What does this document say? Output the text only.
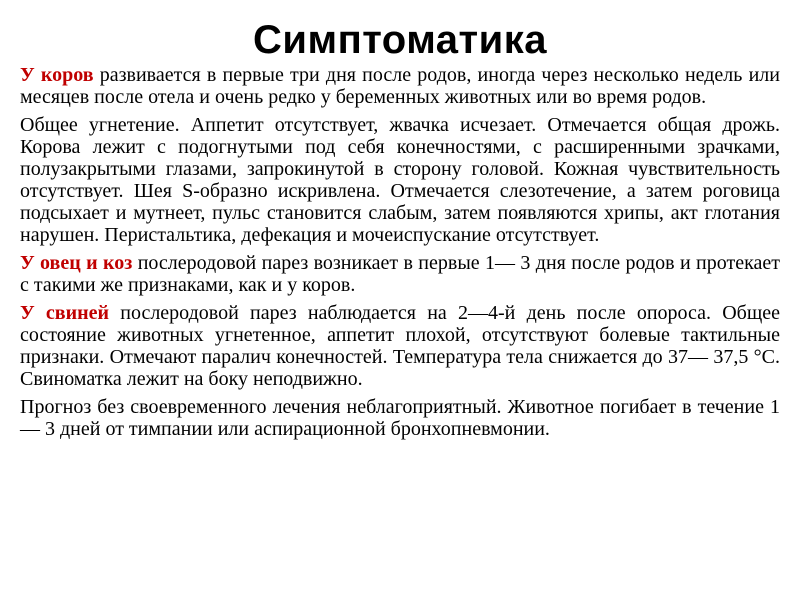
Симптоматика

У коров развивается в первые три дня после родов, иногда через несколько недель или месяцев после отела и очень редко у беременных животных или во время родов.

Общее угнетение. Аппетит отсутствует, жвачка исчезает. Отмечается общая дрожь. Корова лежит с подогнутыми под себя конечностями, с расширенными зрачками, полузакрытыми глазами, запрокинутой в сторону головой. Кожная чувствительность отсутствует. Шея S-образно искривлена. Отмечается слезотечение, а затем роговица подсыхает и мутнеет, пульс становится слабым, затем появляются хрипы, акт глотания нарушен. Перистальтика, дефекация и мочеиспускание отсутствует.

У овец и коз послеродовой парез возникает в первые 1— 3 дня после родов и протекает с такими же признаками, как и у коров.

У свиней послеродовой парез наблюдается на 2—4-й день после опороса. Общее состояние животных угнетенное, аппетит плохой, отсутствуют болевые тактильные признаки. Отмечают паралич конечностей. Температура тела снижается до 37— 37,5 °С. Свиноматка лежит на боку неподвижно.

Прогноз без своевременного лечения неблагоприятный. Животное погибает в течение 1— 3 дней от тимпании или аспирационной бронхопневмонии.
